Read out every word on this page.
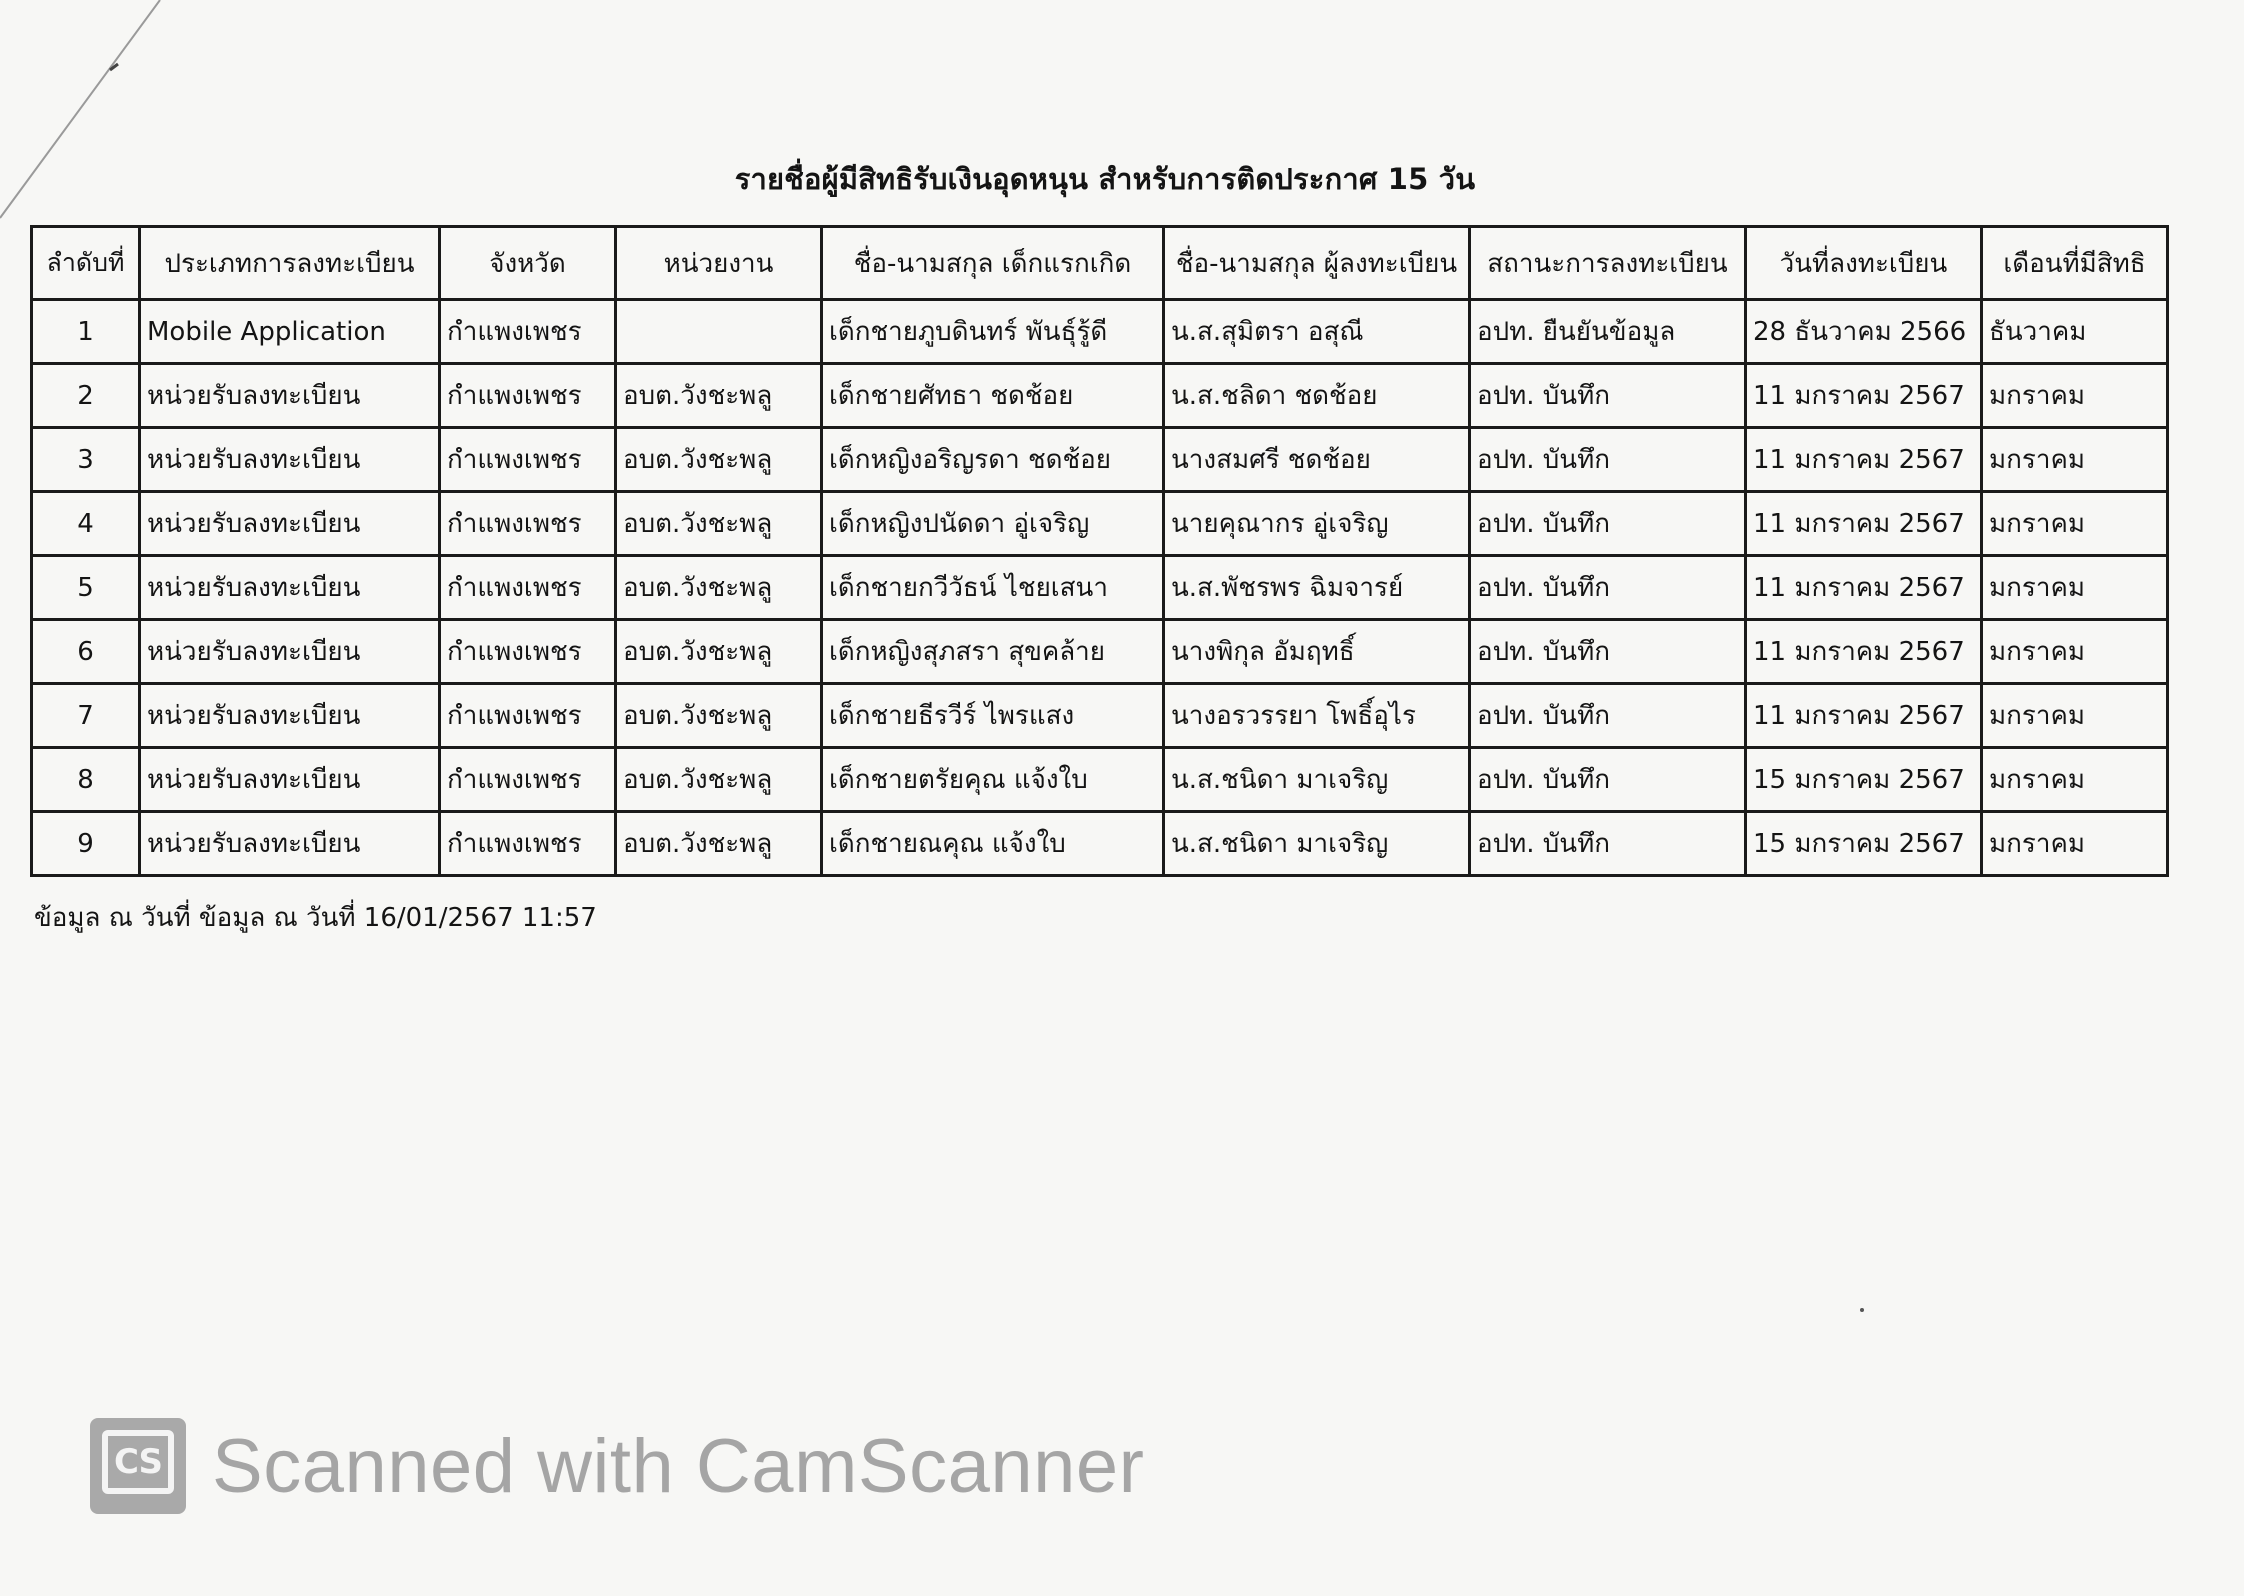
รายชื่อผู้มีสิทธิรับเงินอุดหนุน สำหรับการติดประกาศ 15 วัน
ลำดับที่	ประเภทการลงทะเบียน	จังหวัด	หน่วยงาน	ชื่อ-นามสกุล เด็กแรกเกิด	ชื่อ-นามสกุล ผู้ลงทะเบียน	สถานะการลงทะเบียน	วันที่ลงทะเบียน	เดือนที่มีสิทธิ
1	Mobile Application	กำแพงเพชร		เด็กชายภูบดินทร์ พันธุ์รู้ดี	น.ส.สุมิตรา อสุณี	อปท. ยืนยันข้อมูล	28 ธันวาคม 2566	ธันวาคม
2	หน่วยรับลงทะเบียน	กำแพงเพชร	อบต.วังชะพลู	เด็กชายศัทธา ชดช้อย	น.ส.ชลิดา ชดช้อย	อปท. บันทึก	11 มกราคม 2567	มกราคม
3	หน่วยรับลงทะเบียน	กำแพงเพชร	อบต.วังชะพลู	เด็กหญิงอริญรดา ชดช้อย	นางสมศรี ชดช้อย	อปท. บันทึก	11 มกราคม 2567	มกราคม
4	หน่วยรับลงทะเบียน	กำแพงเพชร	อบต.วังชะพลู	เด็กหญิงปนัดดา อู่เจริญ	นายคุณากร อู่เจริญ	อปท. บันทึก	11 มกราคม 2567	มกราคม
5	หน่วยรับลงทะเบียน	กำแพงเพชร	อบต.วังชะพลู	เด็กชายกวีวัธน์ ไชยเสนา	น.ส.พัชรพร ฉิมจารย์	อปท. บันทึก	11 มกราคม 2567	มกราคม
6	หน่วยรับลงทะเบียน	กำแพงเพชร	อบต.วังชะพลู	เด็กหญิงสุภสรา สุขคล้าย	นางพิกุล อัมฤทธิ์	อปท. บันทึก	11 มกราคม 2567	มกราคม
7	หน่วยรับลงทะเบียน	กำแพงเพชร	อบต.วังชะพลู	เด็กชายธีรวีร์ ไพรแสง	นางอรวรรยา โพธิ์อุไร	อปท. บันทึก	11 มกราคม 2567	มกราคม
8	หน่วยรับลงทะเบียน	กำแพงเพชร	อบต.วังชะพลู	เด็กชายตรัยคุณ แจ้งใบ	น.ส.ชนิดา มาเจริญ	อปท. บันทึก	15 มกราคม 2567	มกราคม
9	หน่วยรับลงทะเบียน	กำแพงเพชร	อบต.วังชะพลู	เด็กชายณคุณ แจ้งใบ	น.ส.ชนิดา มาเจริญ	อปท. บันทึก	15 มกราคม 2567	มกราคม
ข้อมูล ณ วันที่ ข้อมูล ณ วันที่ 16/01/2567 11:57
CS Scanned with CamScanner
